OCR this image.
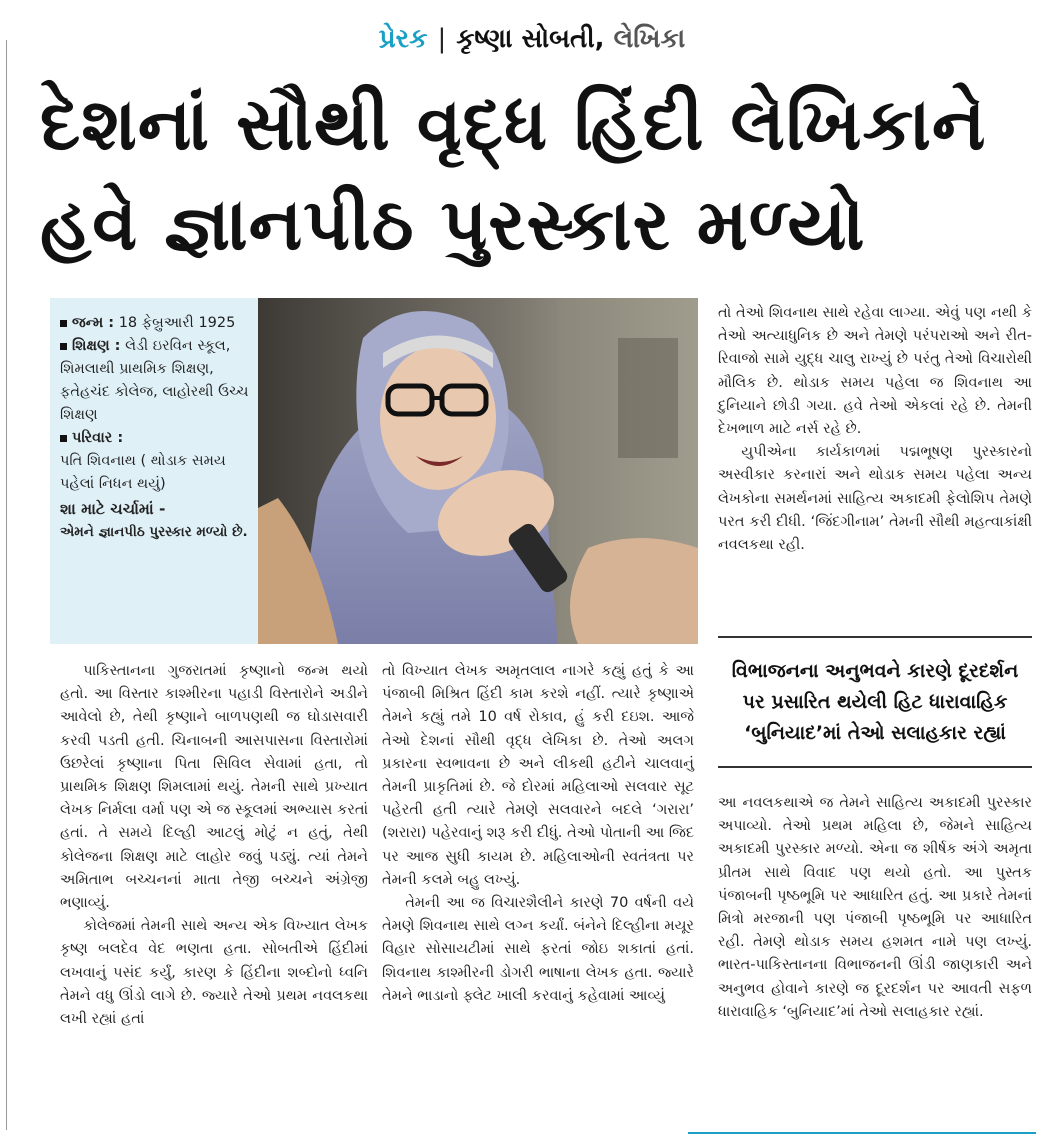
પ્રેરક | કૃષ્ણા સોબતી, લેખિકા
દેશનાં સૌથી વૃદ્ધ હિંદી લેખિકાને
હવે જ્ઞાનપીઠ પુરસ્કાર મળ્યો
જન્મ : 18 ફેબ્રુઆરી 1925
શિક્ષણ : લેડી ઇરવિન સ્કૂલ, શિમલાથી પ્રાથમિક શિક્ષણ, ફતેહચંદ કોલેજ, લાહોરથી ઉચ્ચ શિક્ષણ
પરિવાર :
પતિ શિવનાથ ( થોડાક સમય પહેલાં નિધન થયું)
શા માટે ચર્ચામાં -
એમને જ્ઞાનપીઠ પુરસ્કાર મળ્યો છે.

તો તેઓ શિવનાથ સાથે રહેવા લાગ્યા. એવું પણ નથી કે તેઓ અત્યાધુનિક છે અને તેમણે પરંપરાઓ અને રીત-રિવાજો સામે યુદ્ધ ચાલુ રાખ્યું છે પરંતુ તેઓ વિચારોથી મૌલિક છે. થોડાક સમય પહેલા જ શિવનાથ આ દુનિયાને છોડી ગયા. હવે તેઓ એકલાં રહે છે. તેમની દેખભાળ માટે નર્સ રહે છે.

યુપીએના કાર્યકાળમાં પદ્મભૂષણ પુરસ્કારનો અસ્વીકાર કરનારાં અને થોડાક સમય પહેલા અન્ય લેખકોના સમર્થનમાં સાહિત્ય અકાદમી ફેલોશિપ તેમણે પરત કરી દીધી. ‘જિંદગીનામ’ તેમની સૌથી મહત્વાકાંક્ષી નવલકથા રહી.

વિભાજનના અનુભવને કારણે દૂરદર્શન પર પ્રસારિત થયેલી હિટ ધારાવાહિક ‘બુનિયાદ’માં તેઓ સલાહકાર રહ્યાં

પાકિસ્તાનના ગુજરાતમાં કૃષ્ણાનો જન્મ થયો હતો. આ વિસ્તાર કાશ્મીરના પહાડી વિસ્તારોને અડીને આવેલો છે, તેથી કૃષ્ણાને બાળપણથી જ ઘોડાસવારી કરવી પડતી હતી. ચિનાબની આસપાસના વિસ્તારોમાં ઉછરેલાં કૃષ્ણાના પિતા સિવિલ સેવામાં હતા, તો પ્રાથમિક શિક્ષણ શિમલામાં થયું. તેમની સાથે પ્રખ્યાત લેખક નિર્મલા વર્મા પણ એ જ સ્કૂલમાં અભ્યાસ કરતાં હતાં. તે સમયે દિલ્હી આટલું મોટું ન હતું, તેથી કોલેજના શિક્ષણ માટે લાહોર જવું પડ્યું. ત્યાં તેમને અમિતાભ બચ્ચનનાં માતા તેજી બચ્ચને અંગ્રેજી ભણાવ્યું.

કોલેજમાં તેમની સાથે અન્ય એક વિખ્યાત લેખક કૃષ્ણ બલદેવ વેદ ભણતા હતા. સોબતીએ હિંદીમાં લખવાનું પસંદ કર્યું, કારણ કે હિંદીના શબ્દોનો ધ્વનિ તેમને વધુ ઊંડો લાગે છે. જ્યારે તેઓ પ્રથમ નવલકથા લખી રહ્યાં હતાં

તો વિખ્યાત લેખક અમૃતલાલ નાગરે કહ્યું હતું કે આ પંજાબી મિશ્રિત હિંદી કામ કરશે નહીં. ત્યારે કૃષ્ણાએ તેમને કહ્યું તમે 10 વર્ષ રોકાવ, હું કરી દઇશ. આજે તેઓ દેશનાં સૌથી વૃદ્ધ લેખિકા છે. તેઓ અલગ પ્રકારના સ્વભાવના છે અને લીકથી હટીને ચાલવાનું તેમની પ્રાકૃતિમાં છે. જે દોરમાં મહિલાઓ સલવાર સૂટ પહેરતી હતી ત્યારે તેમણે સલવારને બદલે ‘ગરારા’ (શરારા) પહેરવાનું શરૂ કરી દીધું. તેઓ પોતાની આ જિદ પર આજ સુધી કાયમ છે. મહિલાઓની સ્વતંત્રતા પર તેમની કલમે બહુ લખ્યું.

તેમની આ જ વિચારશૈલીને કારણે 70 વર્ષની વયે તેમણે શિવનાથ સાથે લગ્ન કર્યાં. બંનેને દિલ્હીના મયૂર વિહાર સોસાયટીમાં સાથે ફરતાં જોઇ શકાતાં હતાં. શિવનાથ કાશ્મીરની ડોગરી ભાષાના લેખક હતા. જ્યારે તેમને ભાડાનો ફ્લેટ ખાલી કરવાનું કહેવામાં આવ્યું

આ નવલકથાએ જ તેમને સાહિત્ય અકાદમી પુરસ્કાર અપાવ્યો. તેઓ પ્રથમ મહિલા છે, જેમને સાહિત્ય અકાદમી પુરસ્કાર મળ્યો. એના જ શીર્ષક અંગે અમૃતા પ્રીતમ સાથે વિવાદ પણ થયો હતો. આ પુસ્તક પંજાબની પૃષ્ઠભૂમિ પર આધારિત હતું. આ પ્રકારે તેમનાં મિત્રો મરજાની પણ પંજાબી પૃષ્ઠભૂમિ પર આધારિત રહી. તેમણે થોડાક સમય હશમત નામે પણ લખ્યું. ભારત-પાકિસ્તાનના વિભાજનની ઊંડી જાણકારી અને અનુભવ હોવાને કારણે જ દૂરદર્શન પર આવતી સફળ ધારાવાહિક ‘બુનિયાદ’માં તેઓ સલાહકાર રહ્યાં.
